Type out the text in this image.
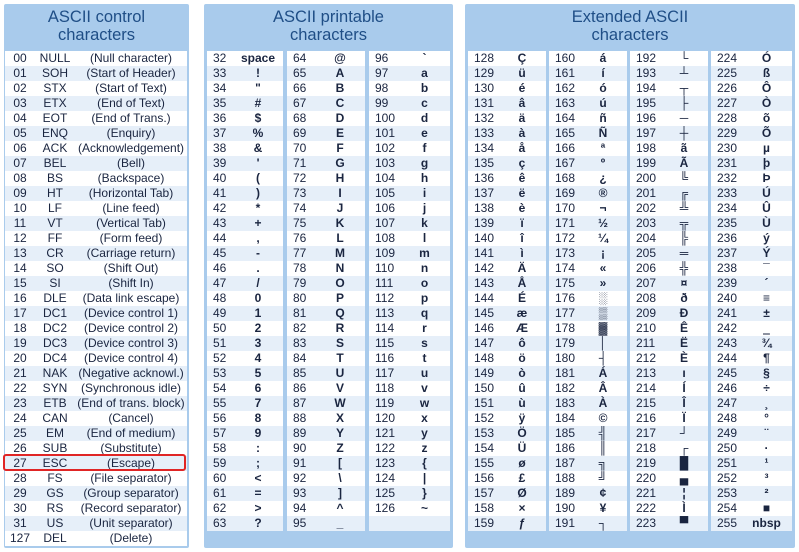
ASCII control
characters
00	NULL	(Null character)
01	SOH	(Start of Header)
02	STX	(Start of Text)
03	ETX	(End of Text)
04	EOT	(End of Trans.)
05	ENQ	(Enquiry)
06	ACK	(Acknowledgement)
07	BEL	(Bell)
08	BS	(Backspace)
09	HT	(Horizontal Tab)
10	LF	(Line feed)
11	VT	(Vertical Tab)
12	FF	(Form feed)
13	CR	(Carriage return)
14	SO	(Shift Out)
15	SI	(Shift In)
16	DLE	(Data link escape)
17	DC1	(Device control 1)
18	DC2	(Device control 2)
19	DC3	(Device control 3)
20	DC4	(Device control 4)
21	NAK	(Negative acknowl.)
22	SYN	(Synchronous idle)
23	ETB	(End of trans. block)
24	CAN	(Cancel)
25	EM	(End of medium)
26	SUB	(Substitute)
27	ESC	(Escape)
28	FS	(File separator)
29	GS	(Group separator)
30	RS	(Record separator)
31	US	(Unit separator)
127	DEL	(Delete)
ASCII printable
characters
32	space		64	@		96	`
33	!		65	A		97	a
34	"		66	B		98	b
35	#		67	C		99	c
36	$		68	D		100	d
37	%		69	E		101	e
38	&		70	F		102	f
39	'		71	G		103	g
40	(		72	H		104	h
41	)		73	I		105	i
42	*		74	J		106	j
43	+		75	K		107	k
44	,		76	L		108	l
45	-		77	M		109	m
46	.		78	N		110	n
47	/		79	O		111	o
48	0		80	P		112	p
49	1		81	Q		113	q
50	2		82	R		114	r
51	3		83	S		115	s
52	4		84	T		116	t
53	5		85	U		117	u
54	6		86	V		118	v
55	7		87	W		119	w
56	8		88	X		120	x
57	9		89	Y		121	y
58	:		90	Z		122	z
59	;		91	[		123	{
60	<		92	\		124	|
61	=		93	]		125	}
62	>		94	^		126	~
63	?		95	_			
Extended ASCII
characters
128	Ç		160	á		192	└		224	Ó
129	ü		161	í		193	┴		225	ß
130	é		162	ó		194	┬		226	Ô
131	â		163	ú		195	├		227	Ò
132	ä		164	ñ		196	─		228	õ
133	à		165	Ñ		197	┼		229	Õ
134	å		166	ª		198	ã		230	µ
135	ç		167	º		199	Ã		231	þ
136	ê		168	¿		200	╚		232	Þ
137	ë		169	®		201	╔		233	Ú
138	è		170	¬		202	╩		234	Û
139	ï		171	½		203	╦		235	Ù
140	î		172	¼		204	╠		236	ý
141	ì		173	¡		205	═		237	Ý
142	Ä		174	«		206	╬		238	¯
143	Å		175	»		207	¤		239	´
144	É		176	░		208	ð		240	≡
145	æ		177	▒		209	Ð		241	±
146	Æ		178	▓		210	Ê		242	‗
147	ô		179	│		211	Ë		243	¾
148	ö		180	┤		212	È		244	¶
149	ò		181	Á		213	ı		245	§
150	û		182	Â		214	Í		246	÷
151	ù		183	À		215	Î		247	¸
152	ÿ		184	©		216	Ï		248	°
153	Ö		185	╣		217	┘		249	¨
154	Ü		186	║		218	┌		250	·
155	ø		187	╗		219	█		251	¹
156	£		188	╝		220	▄		252	³
157	Ø		189	¢		221	¦		253	²
158	×		190	¥		222	Ì		254	■
159	ƒ		191	┐		223	▀		255	nbsp
